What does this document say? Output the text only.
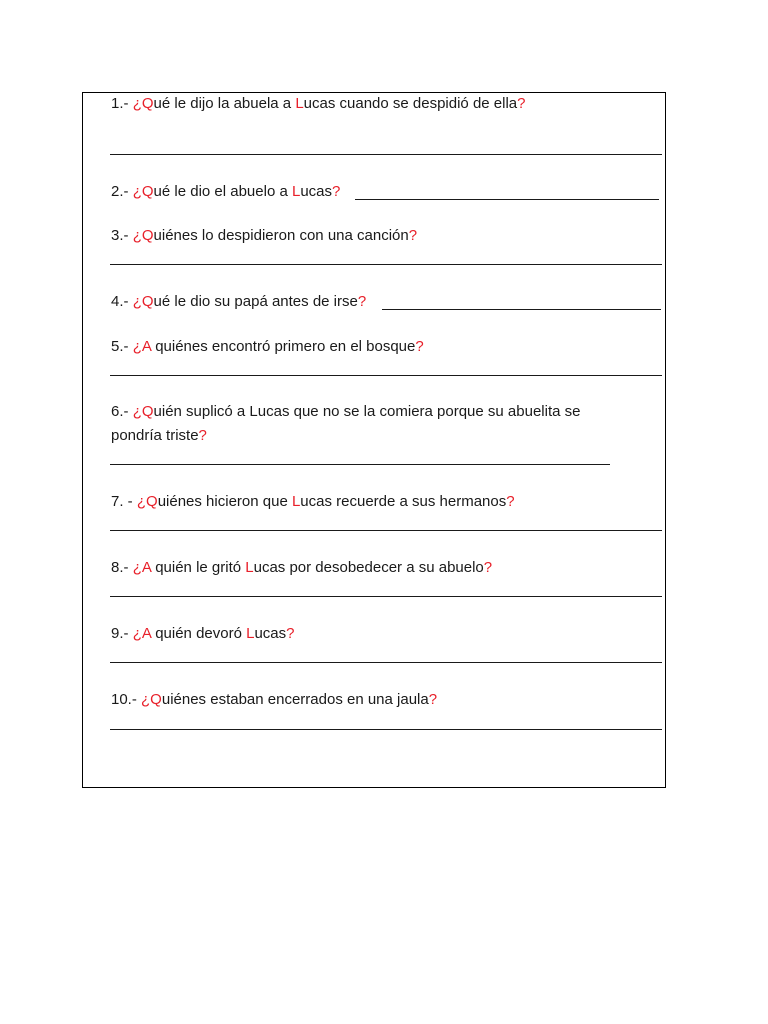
1.- ¿Qué le dijo la abuela a Lucas cuando se despidió de ella?
2.- ¿Qué le dio el abuelo a Lucas?
3.- ¿Quiénes lo despidieron con una canción?
4.- ¿Qué le dio su papá antes de irse?
5.- ¿A quiénes encontró primero en el bosque?
6.- ¿Quién suplicó a Lucas que no se la comiera porque su abuelita se pondría triste?
7. - ¿Quiénes hicieron que Lucas recuerde a sus hermanos?
8.- ¿A quién le gritó Lucas por desobedecer a su abuelo?
9.- ¿A quién devoró Lucas?
10.- ¿Quiénes estaban encerrados en una jaula?
